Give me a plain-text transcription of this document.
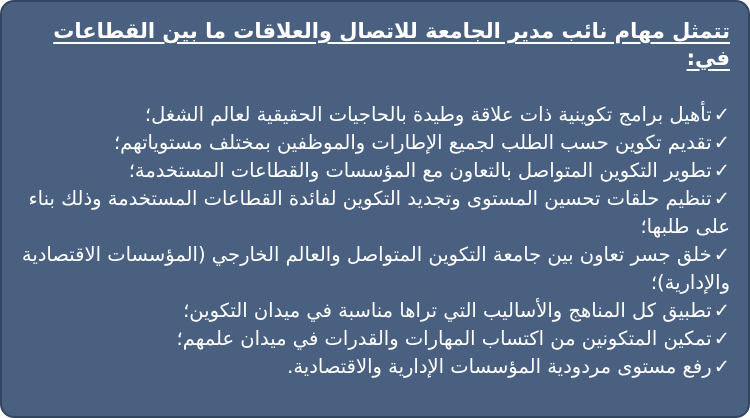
تتمثل مهام نائب مدير الجامعة للاتصال والعلاقات ما بين القطاعات في:
✓تأهيل برامج تكوينية ذات علاقة وطيدة بالحاجيات الحقيقية لعالم الشغل؛
✓تقديم تكوين حسب الطلب لجميع الإطارات والموظفين بمختلف مستوياتهم؛
✓تطوير التكوين المتواصل بالتعاون مع المؤسسات والقطاعات المستخدمة؛
✓تنظيم حلقات تحسين المستوى وتجديد التكوين لفائدة القطاعات المستخدمة وذلك بناء على طلبها؛
✓خلق جسر تعاون بين جامعة التكوين المتواصل والعالم الخارجي (المؤسسات الاقتصادية والإدارية)؛
✓تطبيق كل المناهج والأساليب التي تراها مناسبة في ميدان التكوين؛
✓تمكين المتكونين من اكتساب المهارات والقدرات في ميدان علمهم؛
✓رفع مستوى مردودية المؤسسات الإدارية والاقتصادية.
